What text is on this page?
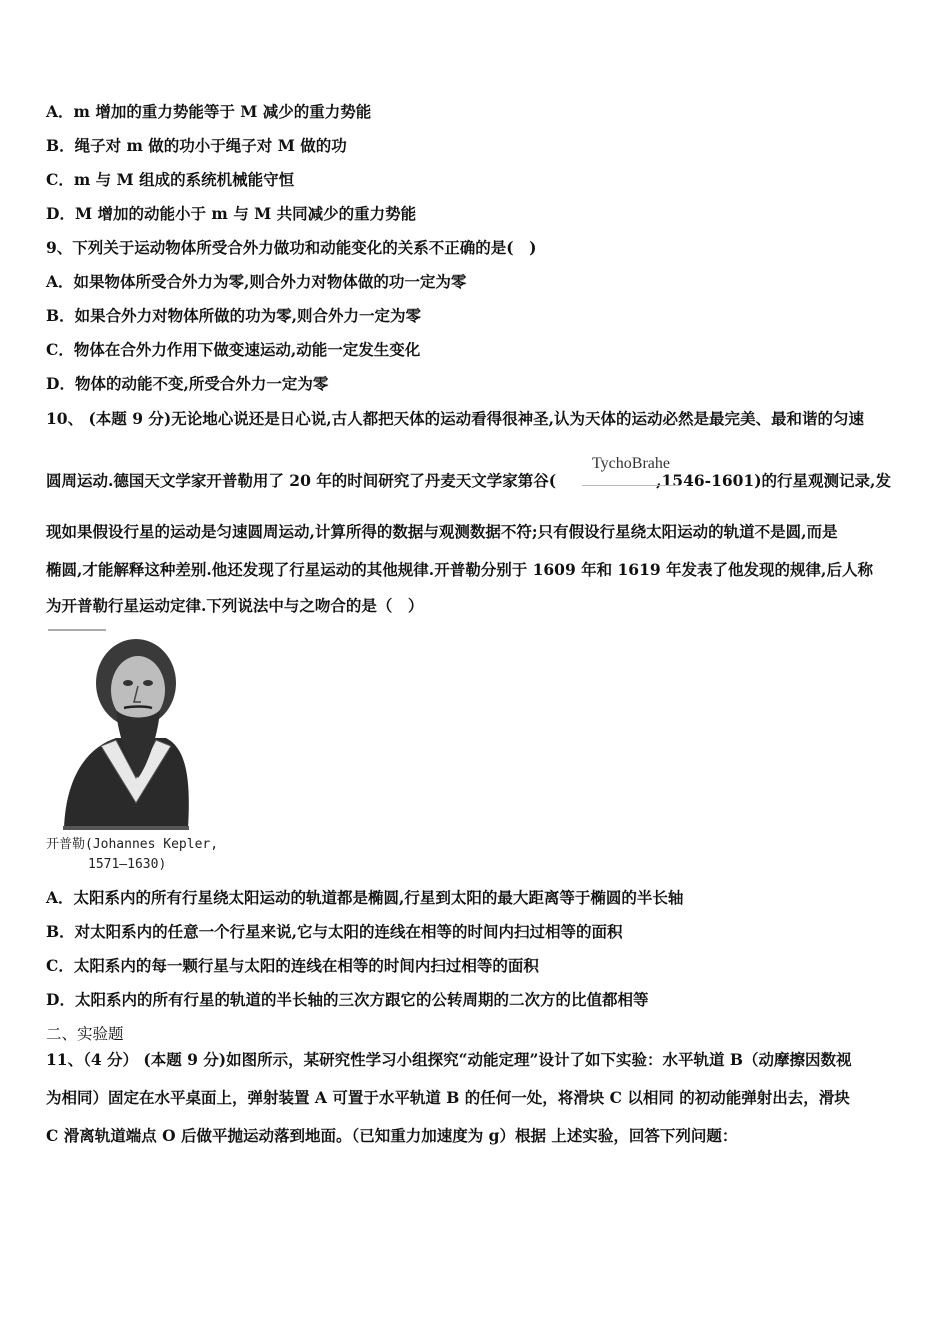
A．m 增加的重力势能等于 M 减少的重力势能
B．绳子对 m 做的功小于绳子对 M 做的功
C．m 与 M 组成的系统机械能守恒
D．M 增加的动能小于 m 与 M 共同减少的重力势能
9、下列关于运动物体所受合外力做功和动能变化的关系不正确的是(　)
A．如果物体所受合外力为零,则合外力对物体做的功一定为零
B．如果合外力对物体所做的功为零,则合外力一定为零
C．物体在合外力作用下做变速运动,动能一定发生变化
D．物体的动能不变,所受合外力一定为零
10、 (本题 9 分)无论地心说还是日心说,古人都把天体的运动看得很神圣,认为天体的运动必然是最完美、最和谐的匀速
圆周运动.德国天文学家开普勒用了 20 年的时间研究了丹麦天文学家第谷(	,1546-1601)的行星观测记录,发
TychoBrahe
现如果假设行星的运动是匀速圆周运动,计算所得的数据与观测数据不符;只有假设行星绕太阳运动的轨道不是圆,而是
椭圆,才能解释这种差别.他还发现了行星运动的其他规律.开普勒分别于 1609 年和 1619 年发表了他发现的规律,后人称
为开普勒行星运动定律.下列说法中与之吻合的是（　）
开普勒(Johannes Kepler,
1571—1630)
A．太阳系内的所有行星绕太阳运动的轨道都是椭圆,行星到太阳的最大距离等于椭圆的半长轴
B．对太阳系内的任意一个行星来说,它与太阳的连线在相等的时间内扫过相等的面积
C．太阳系内的每一颗行星与太阳的连线在相等的时间内扫过相等的面积
D．太阳系内的所有行星的轨道的半长轴的三次方跟它的公转周期的二次方的比值都相等
二、实验题
11、（4 分） (本题 9 分)如图所示，某研究性学习小组探究“动能定理”设计了如下实验：水平轨道 B（动摩擦因数视
为相同）固定在水平桌面上，弹射装置 A 可置于水平轨道 B 的任何一处，将滑块 C 以相同 的初动能弹射出去，滑块
C 滑离轨道端点 O 后做平抛运动落到地面。（已知重力加速度为 g）根据 上述实验，回答下列问题：
